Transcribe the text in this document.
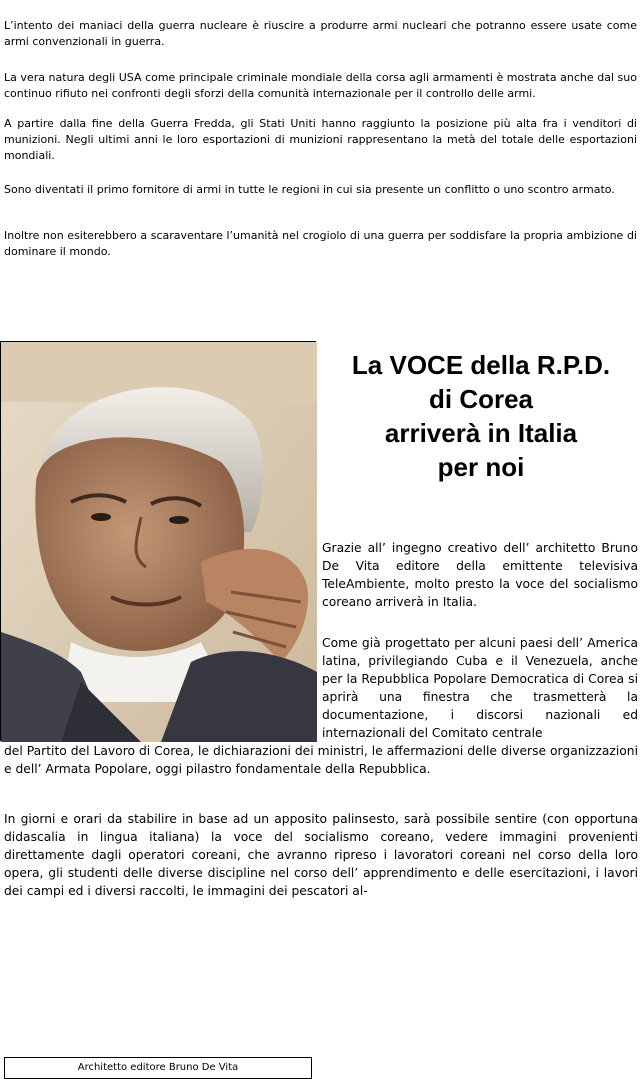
L’intento dei maniaci della guerra nucleare è riuscire a produrre armi nucleari che potranno essere usate come armi convenzionali in guerra.

La vera natura degli USA come principale criminale mondiale della corsa agli armamenti è mostrata anche dal suo continuo rifiuto nei confronti degli sforzi della comunità internazionale per il controllo delle armi.

A partire dalla fine della Guerra Fredda, gli Stati Uniti hanno raggiunto la posizione più alta fra i venditori di munizioni. Negli ultimi anni le loro esportazioni di munizioni rappresentano la metà del totale delle esportazioni mondiali.

Sono diventati il primo fornitore di armi in tutte le regioni in cui sia presente un conflitto o uno scontro armato.

Inoltre non esiterebbero a scaraventare l’umanità nel crogiolo di una guerra per soddisfare la propria ambizione di dominare il mondo.

Architetto editore Bruno De Vita
La VOCE della R.P.D.
di Corea
arriverà in Italia
per noi

Grazie all’ ingegno creativo dell’ architetto Bruno De Vita editore della emittente televisiva TeleAmbiente, molto presto la voce del socialismo coreano arriverà in Italia.

Come già progettato per alcuni paesi dell’ America latina, privilegiando Cuba e il Venezuela, anche per la Repubblica Popolare Democratica di Corea si aprirà una finestra che trasmetterà la documentazione, i discorsi nazionali ed internazionali del Comitato centrale

del Partito del Lavoro di Corea, le dichiarazioni dei ministri, le affermazioni delle diverse organizzazioni e dell’ Armata Popolare, oggi pilastro fondamentale della Repubblica.

In giorni e orari da stabilire in base ad un apposito palinsesto, sarà possibile sentire (con opportuna didascalia in lingua italiana) la voce del socialismo coreano, vedere immagini provenienti direttamente dagli operatori coreani, che avranno ripreso i lavoratori coreani nel corso della loro opera, gli studenti delle diverse discipline nel corso dell’ apprendimento e delle esercitazioni, i lavori dei campi ed i diversi raccolti, le immagini dei pescatori al-
